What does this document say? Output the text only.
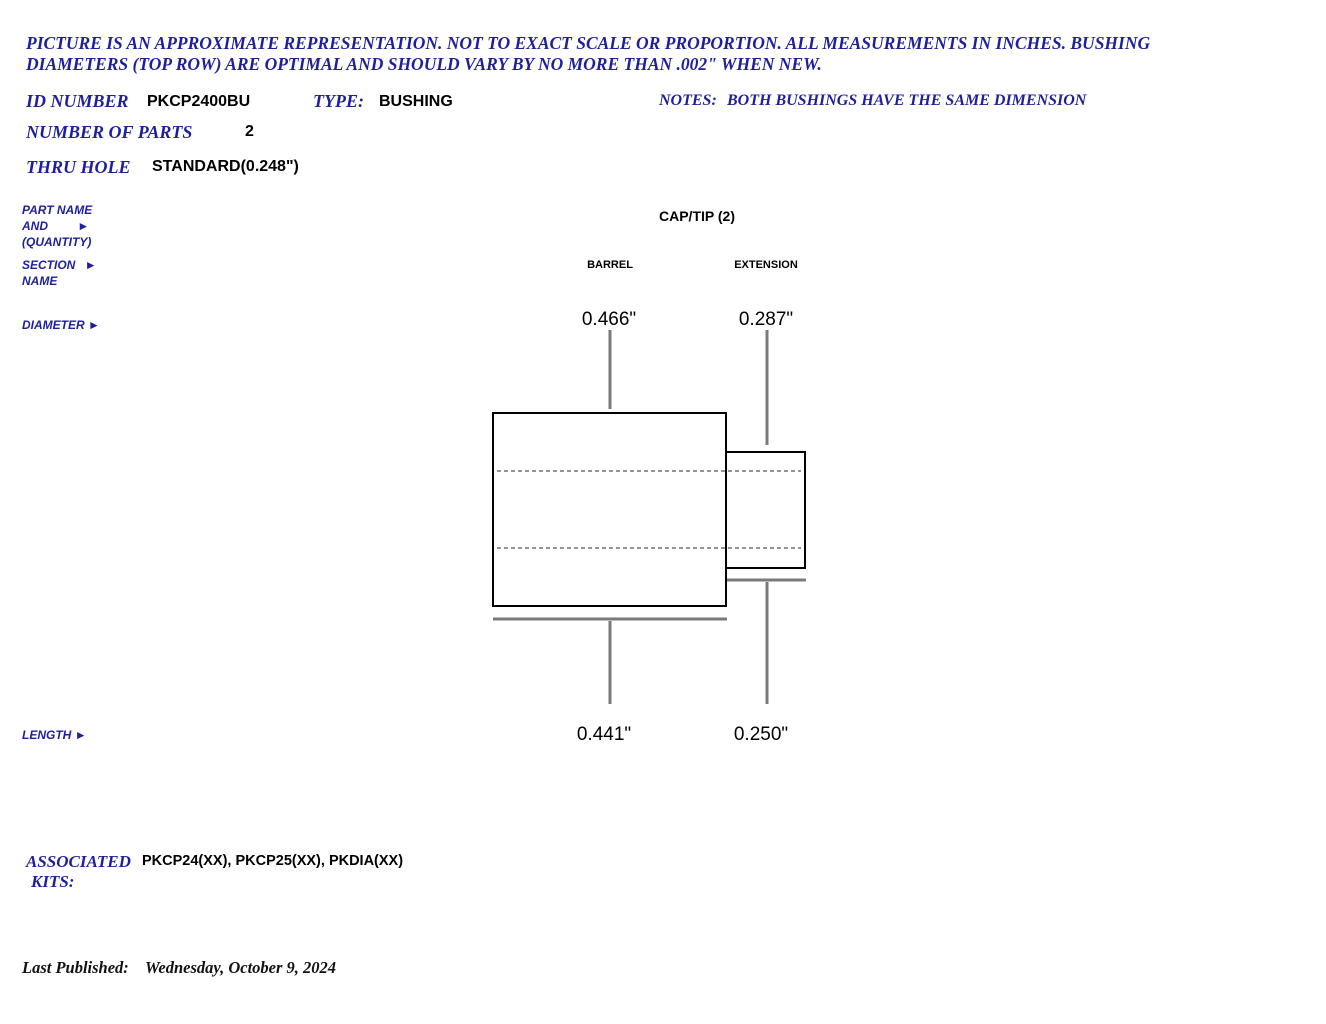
PICTURE IS AN APPROXIMATE REPRESENTATION. NOT TO EXACT SCALE OR PROPORTION. ALL MEASUREMENTS IN INCHES. BUSHING
DIAMETERS (TOP ROW) ARE OPTIMAL AND SHOULD VARY BY NO MORE THAN .002" WHEN NEW.
ID NUMBER PKCP2400BU	TYPE: BUSHING	NOTES: BOTH BUSHINGS HAVE THE SAME DIMENSION
NUMBER OF PARTS	2
THRU HOLE STANDARD(0.248")
PART NAME
AND ►
(QUANTITY)
SECTION ►
NAME
DIAMETER ►
LENGTH ►
CAP/TIP (2)
BARREL	EXTENSION
0.466"	0.287"
0.441"	0.250"
ASSOCIATED
KITS:
PKCP24(XX), PKCP25(XX), PKDIA(XX)
Last Published: Wednesday, October 9, 2024
